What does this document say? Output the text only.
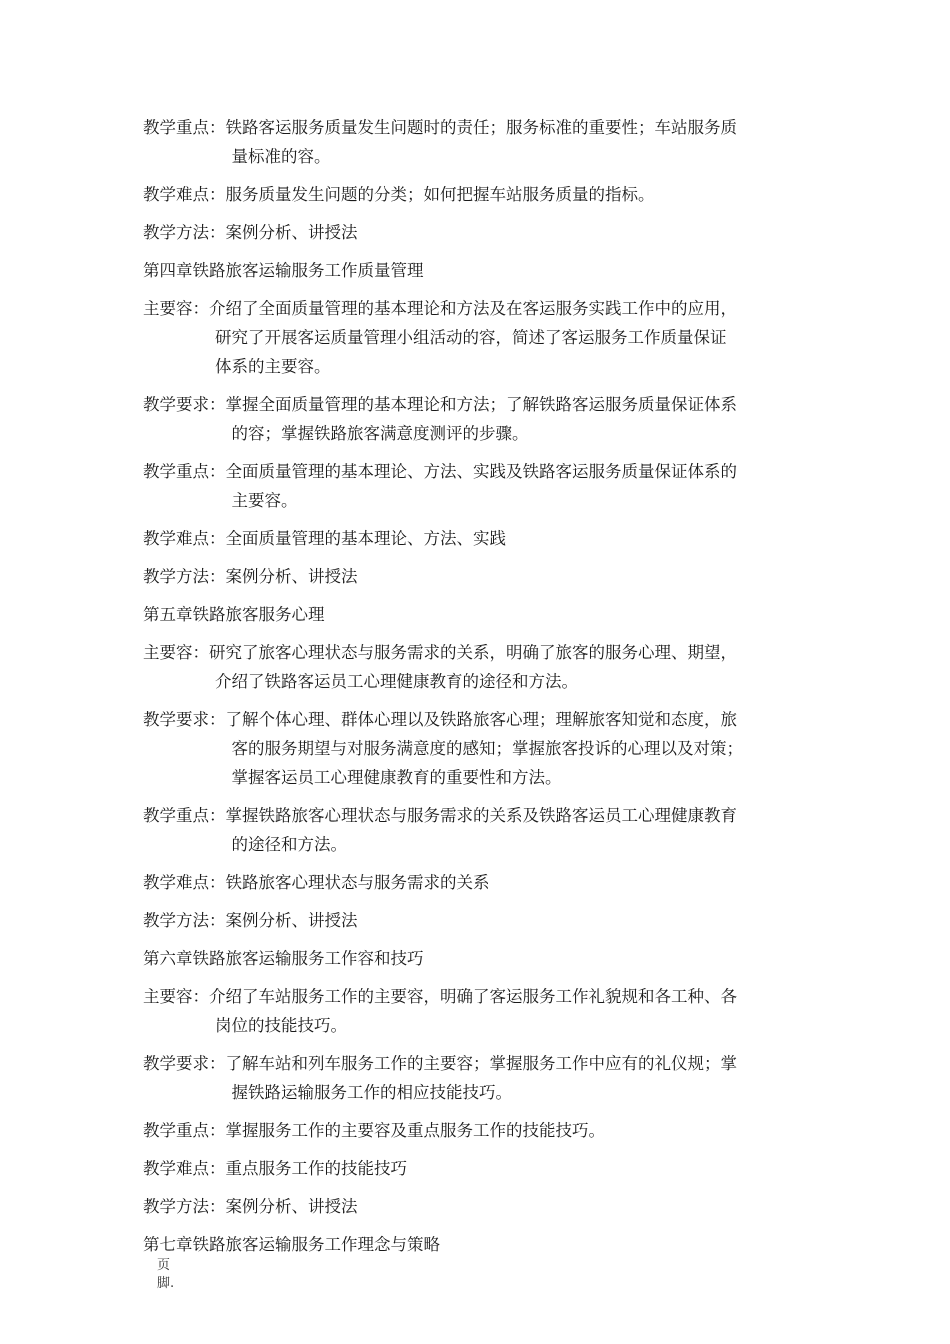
教学重点： 铁路客运服务质量发生问题时的责任；服务标准的重要性；车站服务质
量标准的容。
教学难点： 服务质量发生问题的分类；如何把握车站服务质量的指标。
教学方法： 案例分析、讲授法
第四章铁路旅客运输服务工作质量管理
主要容： 介绍了全面质量管理的基本理论和方法及在客运服务实践工作中的应用，
研究了开展客运质量管理小组活动的容，简述了客运服务工作质量保证
体系的主要容。
教学要求： 掌握全面质量管理的基本理论和方法；了解铁路客运服务质量保证体系
的容；掌握铁路旅客满意度测评的步骤。
教学重点： 全面质量管理的基本理论、方法、实践及铁路客运服务质量保证体系的
主要容。
教学难点： 全面质量管理的基本理论、方法、实践
教学方法： 案例分析、讲授法
第五章铁路旅客服务心理
主要容： 研究了旅客心理状态与服务需求的关系，明确了旅客的服务心理、期望，
介绍了铁路客运员工心理健康教育的途径和方法。
教学要求： 了解个体心理、群体心理以及铁路旅客心理；理解旅客知觉和态度，旅
客的服务期望与对服务满意度的感知；掌握旅客投诉的心理以及对策；
掌握客运员工心理健康教育的重要性和方法。
教学重点： 掌握铁路旅客心理状态与服务需求的关系及铁路客运员工心理健康教育
的途径和方法。
教学难点： 铁路旅客心理状态与服务需求的关系
教学方法： 案例分析、讲授法
第六章铁路旅客运输服务工作容和技巧
主要容： 介绍了车站服务工作的主要容，明确了客运服务工作礼貌规和各工种、各
岗位的技能技巧。
教学要求： 了解车站和列车服务工作的主要容；掌握服务工作中应有的礼仪规；掌
握铁路运输服务工作的相应技能技巧。
教学重点： 掌握服务工作的主要容及重点服务工作的技能技巧。
教学难点： 重点服务工作的技能技巧
教学方法： 案例分析、讲授法
第七章铁路旅客运输服务工作理念与策略
页
脚.
